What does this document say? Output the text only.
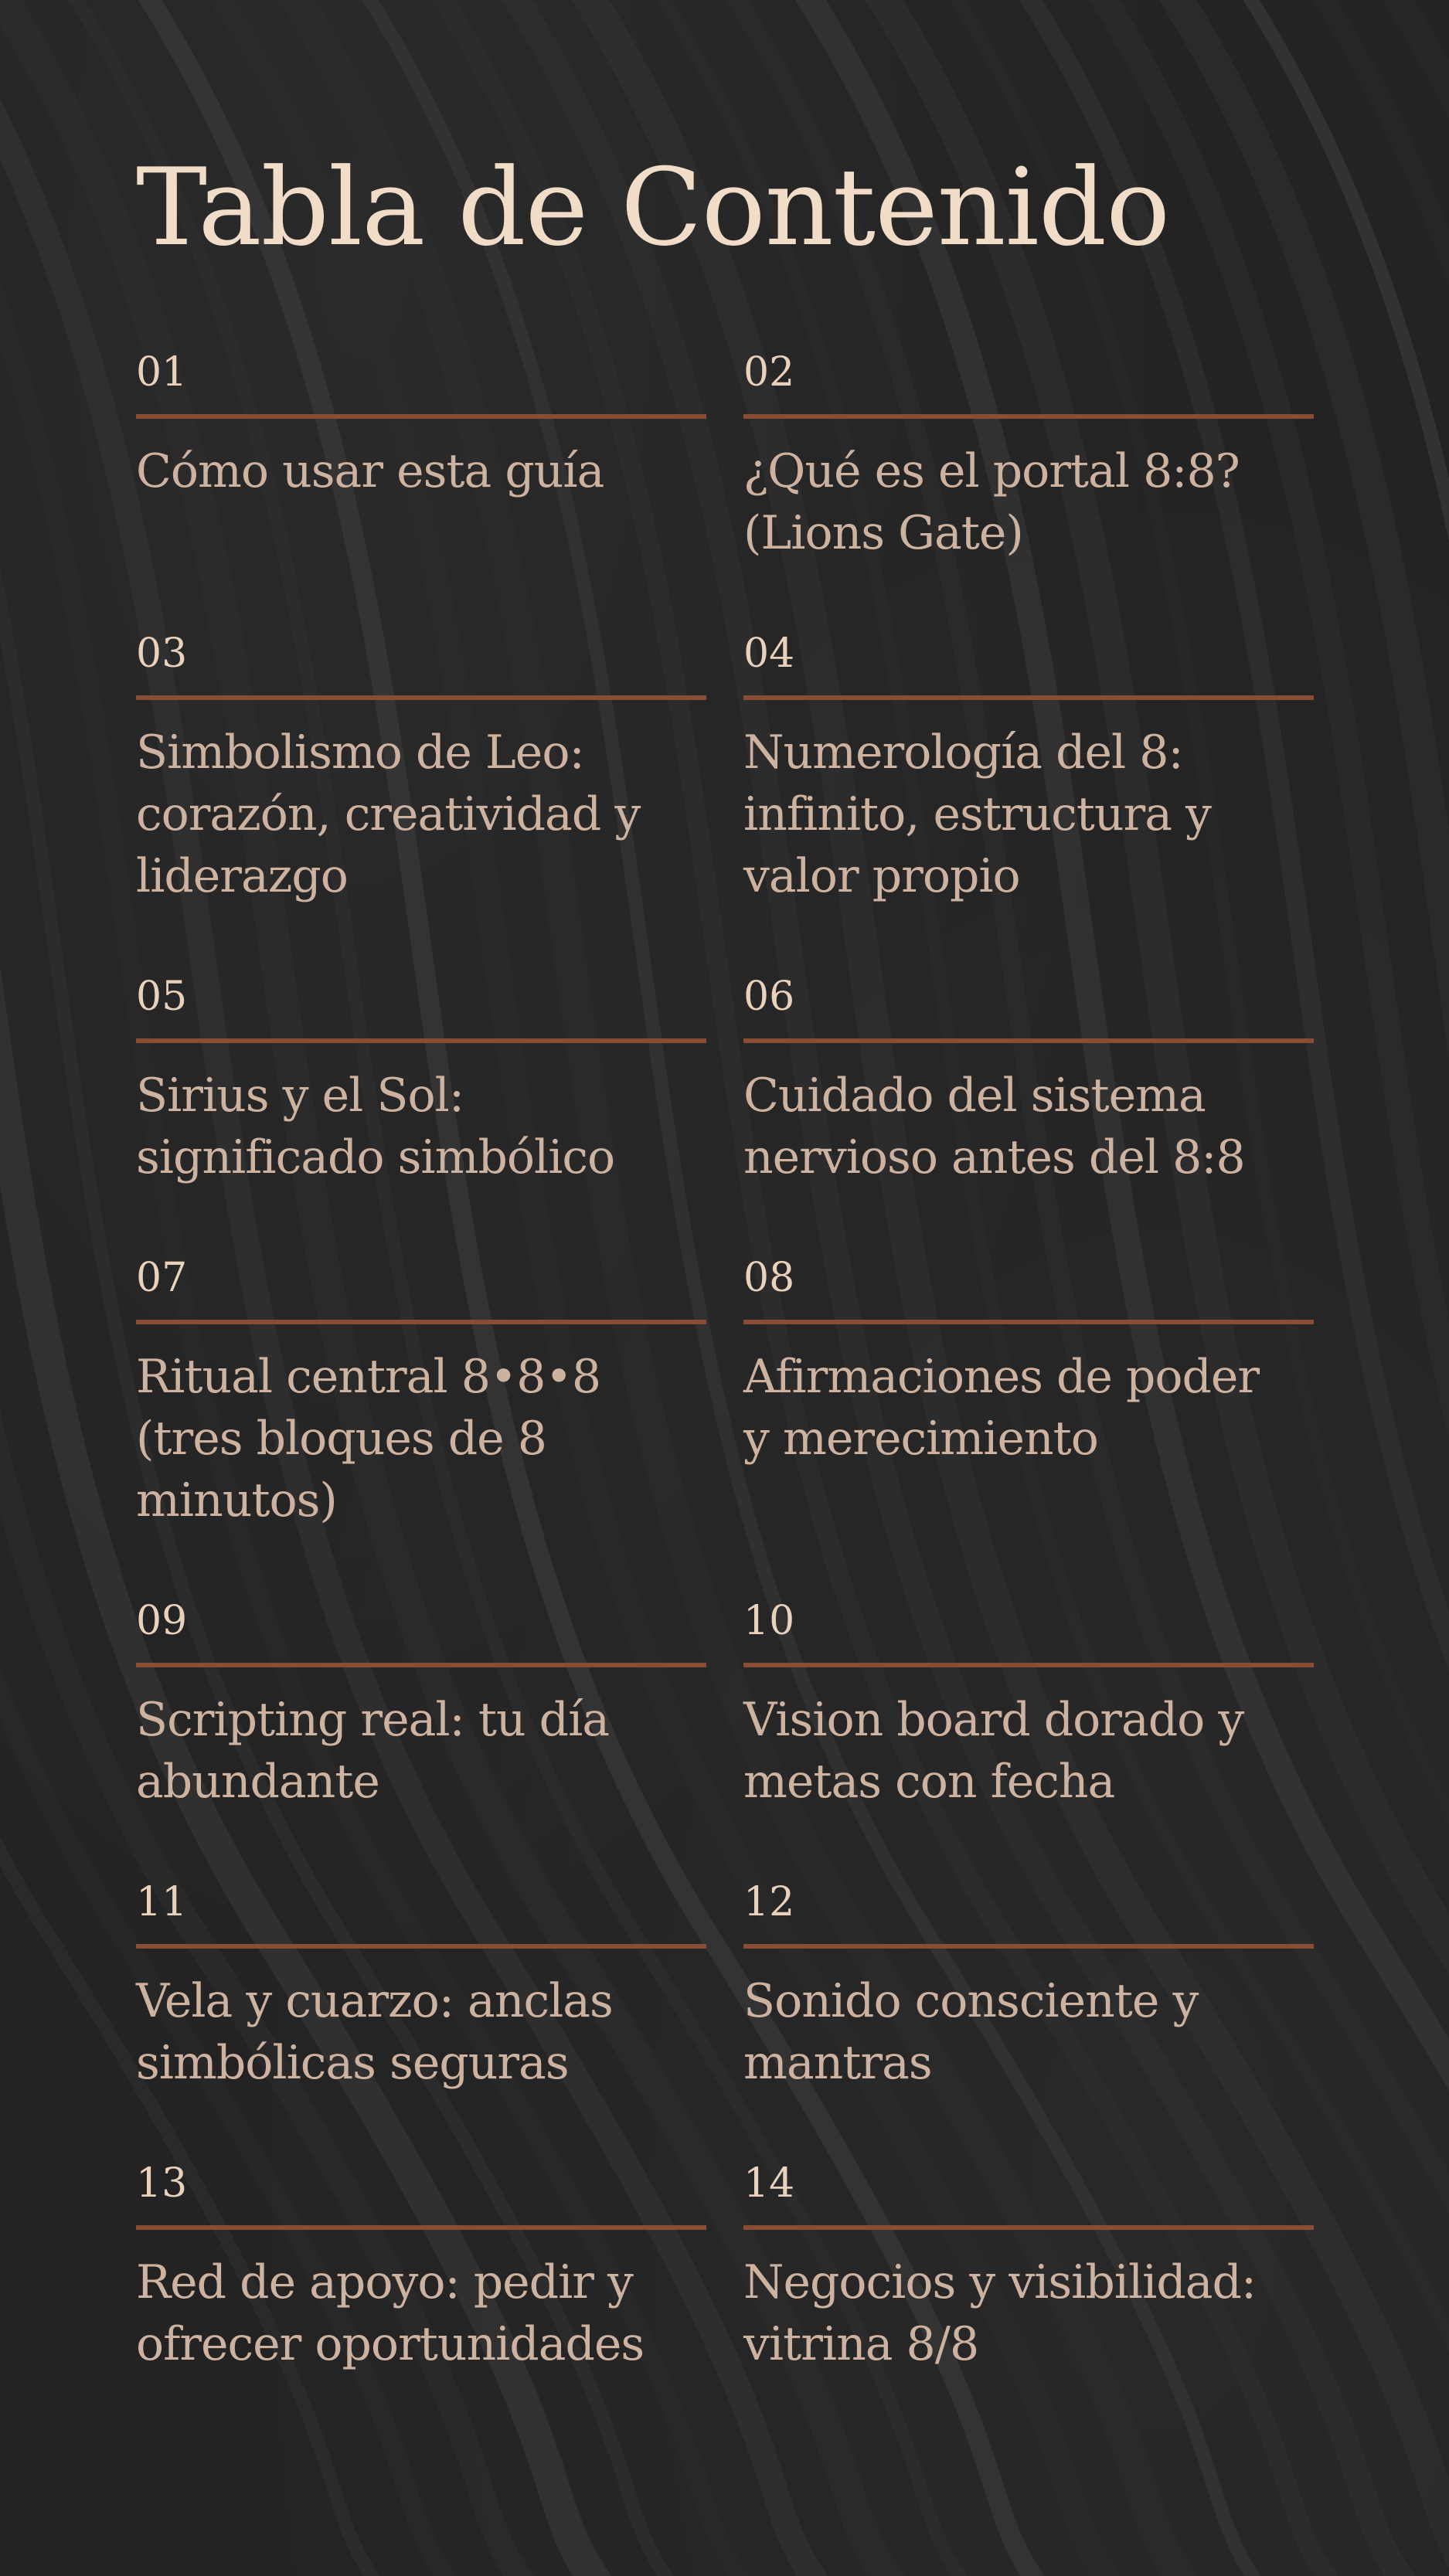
Tabla de Contenido
01
Cómo usar esta guía
02
¿Qué es el portal 8:8?
(Lions Gate)
03
Simbolismo de Leo:
corazón, creatividad y
liderazgo
04
Numerología del 8:
infinito, estructura y
valor propio
05
Sirius y el Sol:
significado simbólico
06
Cuidado del sistema
nervioso antes del 8:8
07
Ritual central 8•8•8
(tres bloques de 8
minutos)
08
Afirmaciones de poder
y merecimiento
09
Scripting real: tu día
abundante
10
Vision board dorado y
metas con fecha
11
Vela y cuarzo: anclas
simbólicas seguras
12
Sonido consciente y
mantras
13
Red de apoyo: pedir y
ofrecer oportunidades
14
Negocios y visibilidad:
vitrina 8/8
